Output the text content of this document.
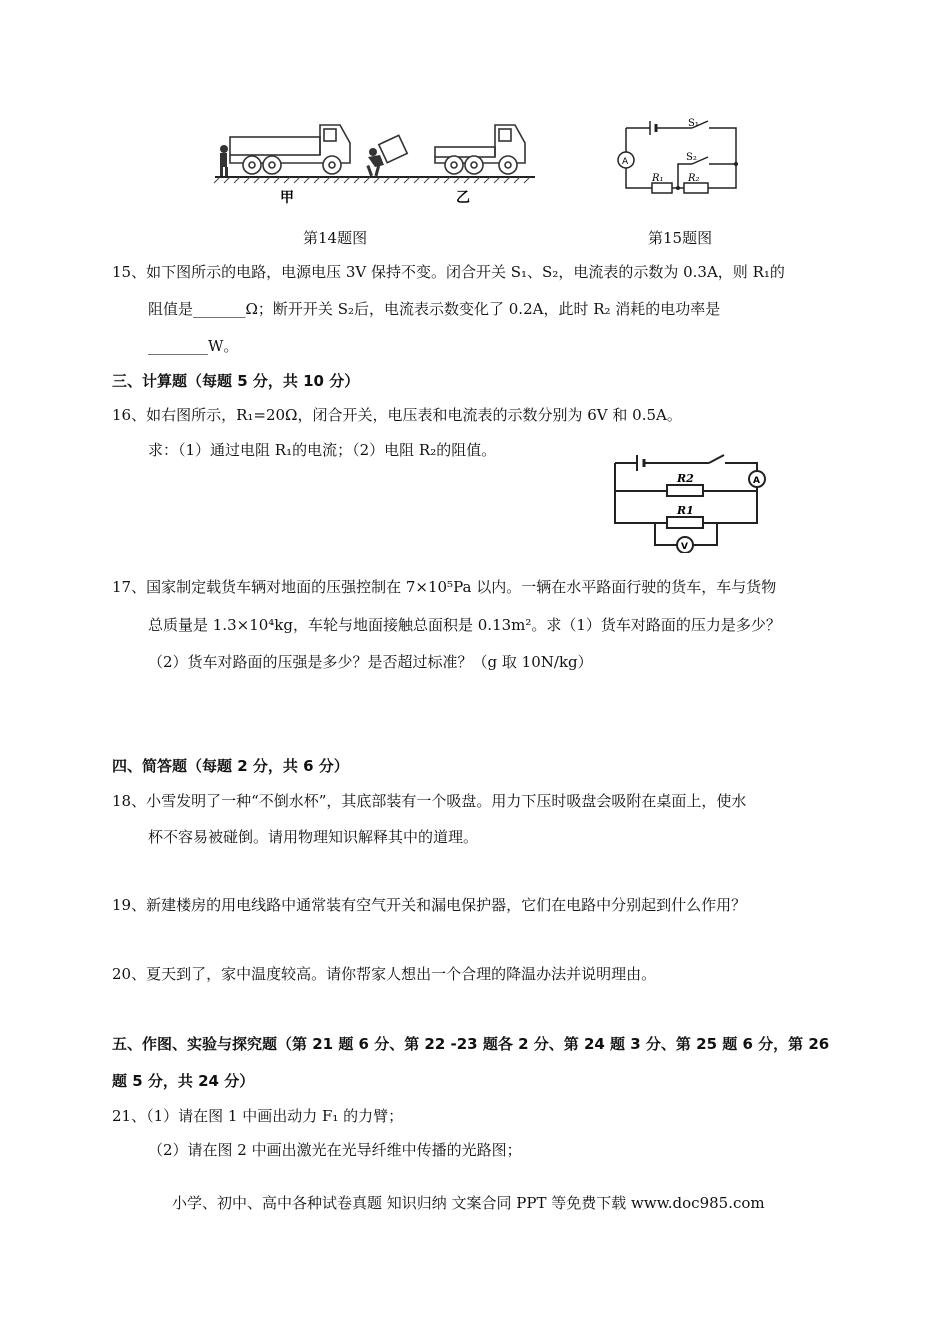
甲	乙
第14题图
A
S₁
S₂
R₁ R₂
第15题图
15、如下图所示的电路，电源电压 3V 保持不变。闭合开关 S₁、S₂，电流表的示数为 0.3A，则 R₁的
阻值是_______Ω；断开开关 S₂后，电流表示数变化了 0.2A，此时 R₂ 消耗的电功率是
________W。
三、计算题（每题 5 分，共 10 分）
16、如右图所示，R₁=20Ω，闭合开关，电压表和电流表的示数分别为 6V 和 0.5A。
求：（1）通过电阻 R₁的电流；（2）电阻 R₂的阻值。
R2
R1
A
V
17、国家制定载货车辆对地面的压强控制在 7×10⁵Pa 以内。一辆在水平路面行驶的货车，车与货物
总质量是 1.3×10⁴kg，车轮与地面接触总面积是 0.13m²。求（1）货车对路面的压力是多少？
（2）货车对路面的压强是多少？是否超过标准？（g 取 10N/kg）
四、简答题（每题 2 分，共 6 分）
18、小雪发明了一种“不倒水杯”，其底部装有一个吸盘。用力下压时吸盘会吸附在桌面上，使水
杯不容易被碰倒。请用物理知识解释其中的道理。
19、新建楼房的用电线路中通常装有空气开关和漏电保护器，它们在电路中分别起到什么作用？
20、夏天到了，家中温度较高。请你帮家人想出一个合理的降温办法并说明理由。
五、作图、实验与探究题（第 21 题 6 分、第 22 -23 题各 2 分、第 24 题 3 分、第 25 题 6 分，第 26
题 5 分，共 24 分）
21、（1）请在图 1 中画出动力 F₁ 的力臂；
（2）请在图 2 中画出激光在光导纤维中传播的光路图；
小学、初中、高中各种试卷真题 知识归纳 文案合同 PPT 等免费下载 www.doc985.com
